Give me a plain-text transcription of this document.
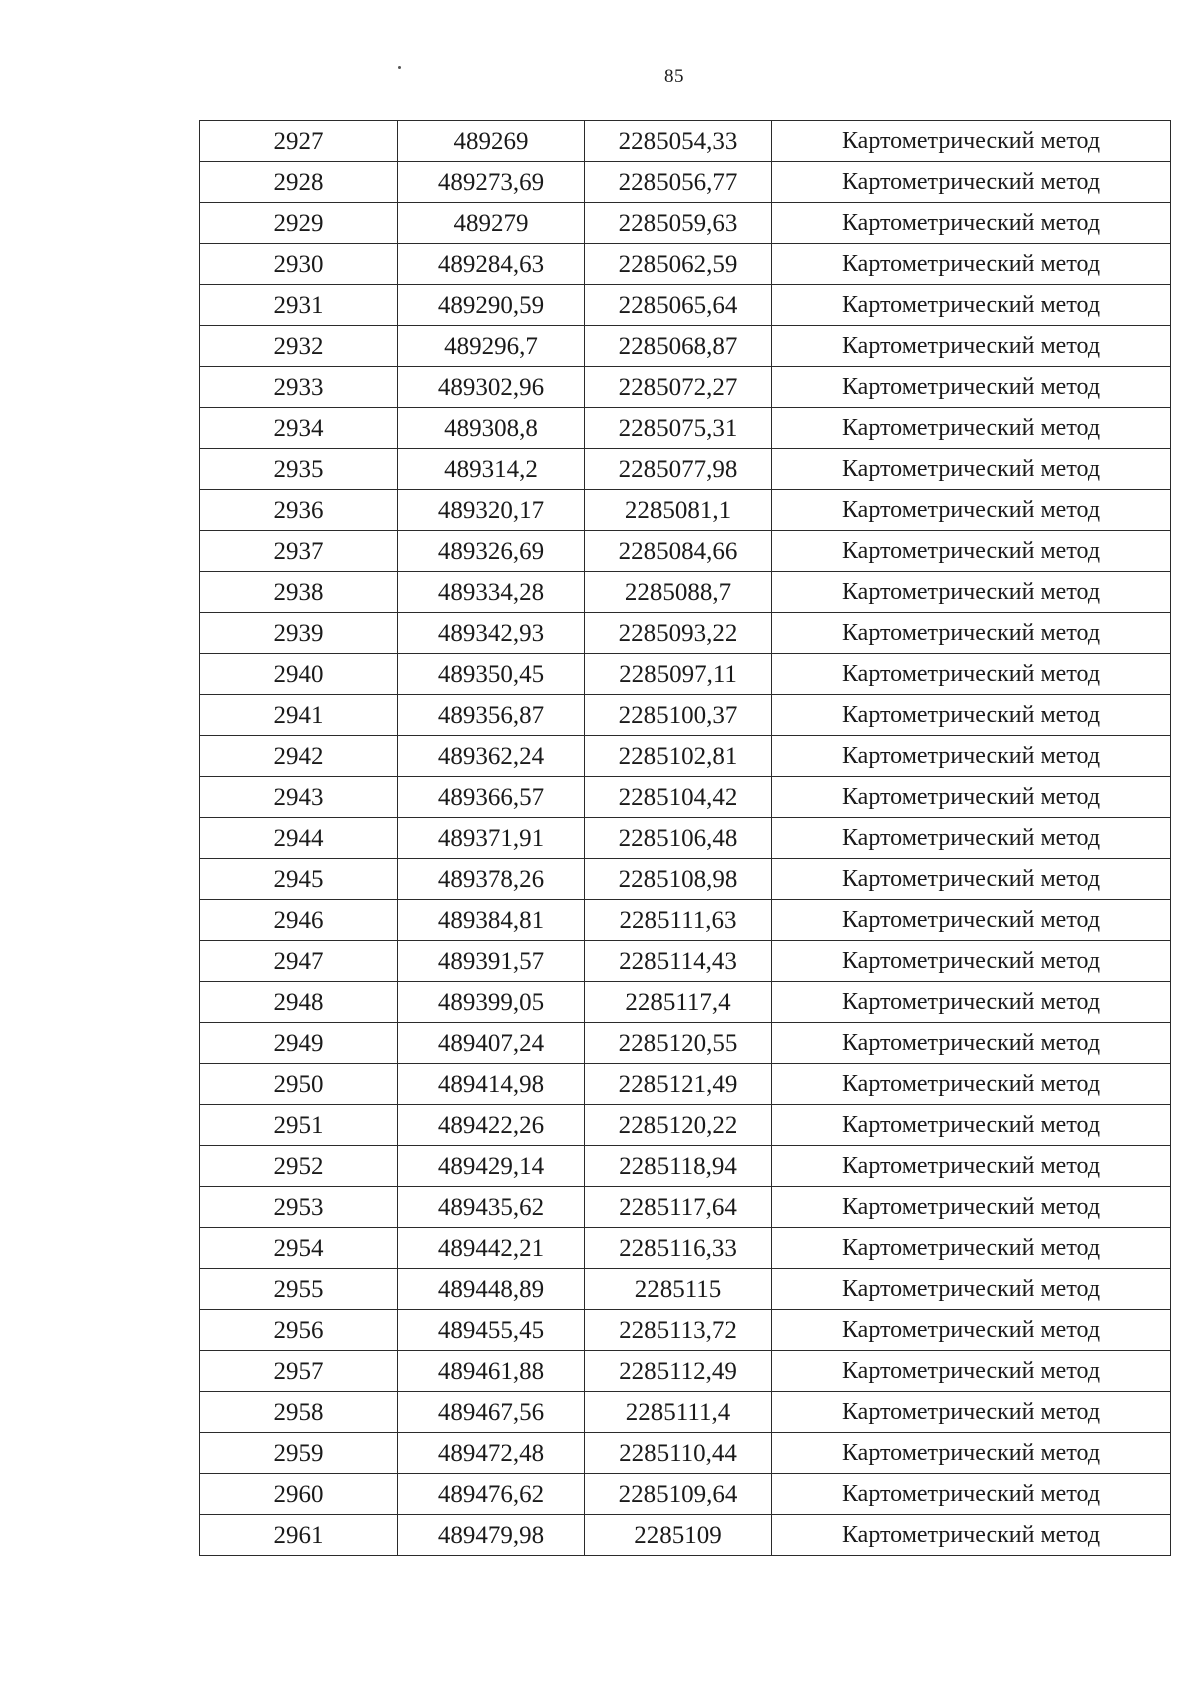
85
2927	489269	2285054,33	Картометрический метод
2928	489273,69	2285056,77	Картометрический метод
2929	489279	2285059,63	Картометрический метод
2930	489284,63	2285062,59	Картометрический метод
2931	489290,59	2285065,64	Картометрический метод
2932	489296,7	2285068,87	Картометрический метод
2933	489302,96	2285072,27	Картометрический метод
2934	489308,8	2285075,31	Картометрический метод
2935	489314,2	2285077,98	Картометрический метод
2936	489320,17	2285081,1	Картометрический метод
2937	489326,69	2285084,66	Картометрический метод
2938	489334,28	2285088,7	Картометрический метод
2939	489342,93	2285093,22	Картометрический метод
2940	489350,45	2285097,11	Картометрический метод
2941	489356,87	2285100,37	Картометрический метод
2942	489362,24	2285102,81	Картометрический метод
2943	489366,57	2285104,42	Картометрический метод
2944	489371,91	2285106,48	Картометрический метод
2945	489378,26	2285108,98	Картометрический метод
2946	489384,81	2285111,63	Картометрический метод
2947	489391,57	2285114,43	Картометрический метод
2948	489399,05	2285117,4	Картометрический метод
2949	489407,24	2285120,55	Картометрический метод
2950	489414,98	2285121,49	Картометрический метод
2951	489422,26	2285120,22	Картометрический метод
2952	489429,14	2285118,94	Картометрический метод
2953	489435,62	2285117,64	Картометрический метод
2954	489442,21	2285116,33	Картометрический метод
2955	489448,89	2285115	Картометрический метод
2956	489455,45	2285113,72	Картометрический метод
2957	489461,88	2285112,49	Картометрический метод
2958	489467,56	2285111,4	Картометрический метод
2959	489472,48	2285110,44	Картометрический метод
2960	489476,62	2285109,64	Картометрический метод
2961	489479,98	2285109	Картометрический метод
